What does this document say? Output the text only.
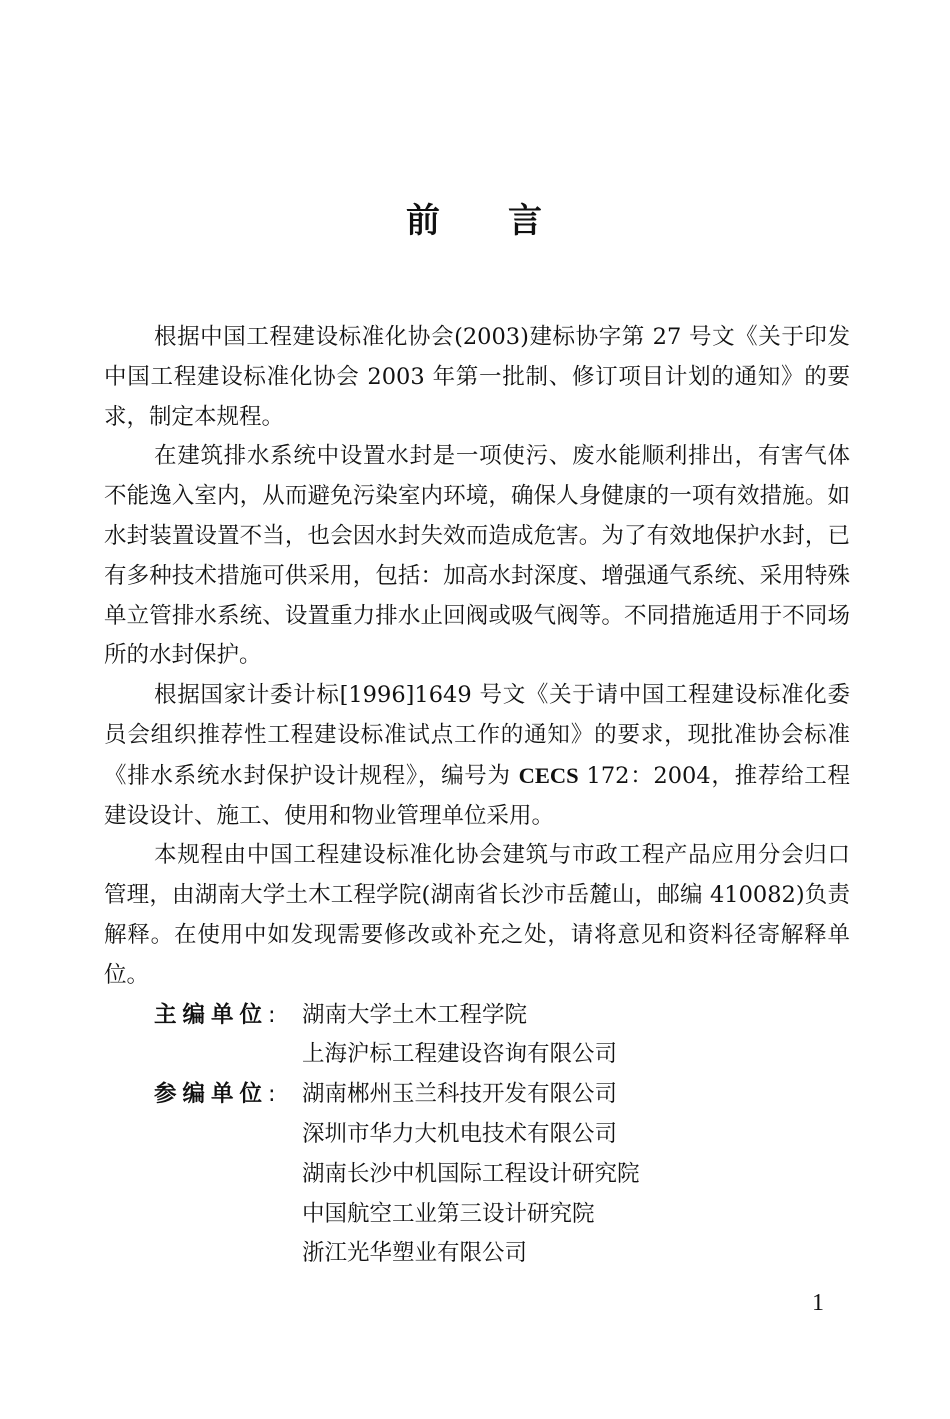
前 言

根据中国工程建设标准化协会(2003)建标协字第 27 号文《关于印发中国工程建设标准化协会 2003 年第一批制、修订项目计划的通知》的要求，制定本规程。

在建筑排水系统中设置水封是一项使污、废水能顺利排出，有害气体不能逸入室内，从而避免污染室内环境，确保人身健康的一项有效措施。如水封装置设置不当，也会因水封失效而造成危害。为了有效地保护水封，已有多种技术措施可供采用，包括：加高水封深度、增强通气系统、采用特殊单立管排水系统、设置重力排水止回阀或吸气阀等。不同措施适用于不同场所的水封保护。

根据国家计委计标[1996]1649 号文《关于请中国工程建设标准化委员会组织推荐性工程建设标准试点工作的通知》的要求，现批准协会标准《排水系统水封保护设计规程》，编号为 CECS 172：2004，推荐给工程建设设计、施工、使用和物业管理单位采用。

本规程由中国工程建设标准化协会建筑与市政工程产品应用分会归口管理，由湖南大学土木工程学院(湖南省长沙市岳麓山，邮编 410082)负责解释。在使用中如发现需要修改或补充之处，请将意见和资料径寄解释单位。

主编单位:	湖南大学土木工程学院
上海沪标工程建设咨询有限公司
参编单位:	湖南郴州玉兰科技开发有限公司
深圳市华力大机电技术有限公司
湖南长沙中机国际工程设计研究院
中国航空工业第三设计研究院
浙江光华塑业有限公司
1
